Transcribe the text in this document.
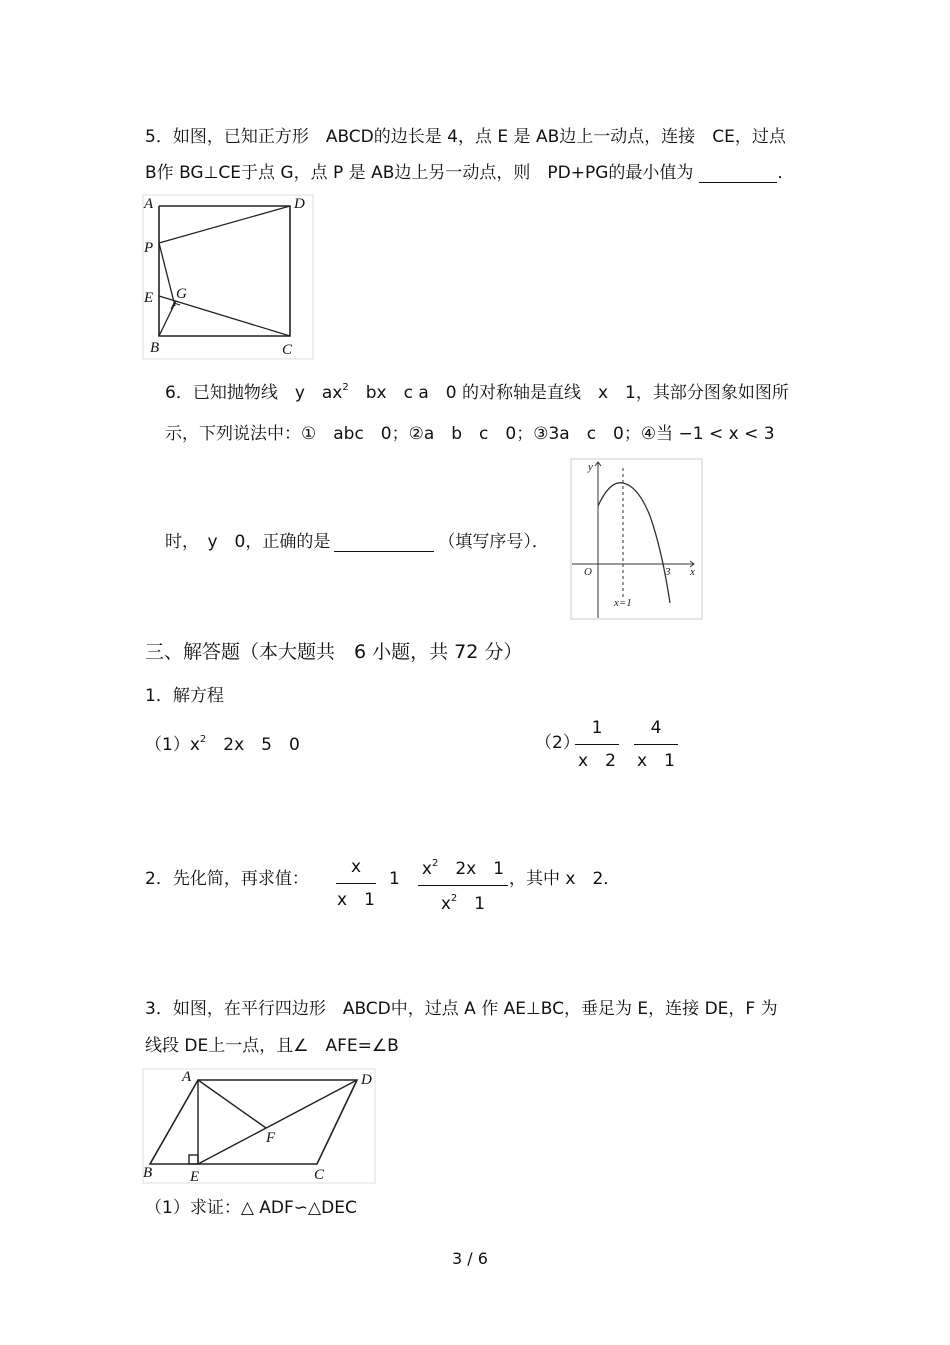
5．如图，已知正方形　ABCD的边长是 4，点 E 是 AB边上一动点，连接　CE，过点
B作 BG⊥CE于点 G，点 P 是 AB边上另一动点，则　PD+PG的最小值为	．
A	D
P
E G
B	C
6．已知抛物线　y　$ax^2$　bx　c a　0 的对称轴是直线　x　1，其部分图象如图所
示，下列说法中：①　abc　0；②a　b　c　0；③3a　c　0；④当 −1 < x < 3
时，　y　0，正确的是	（填写序号）．
y
x
O	3
x=1
三、解答题（本大题共　6 小题，共 72 分）
1．解方程
$(1)x^2$　2x　5　0	（2）
1
x　2
4
x　1
2．先化简，再求值：
x
x　1
1 $x^2$　2x　1
$x^2$　1
，其中 x　2．
3．如图，在平行四边形　ABCD中，过点 A 作 AE⊥BC，垂足为 E，连接 DE，F 为
线段 DE上一点，且∠　AFE=∠B
A	D
F
B	E	C
（1）求证：△ ADF∽△DEC
3 / 6
